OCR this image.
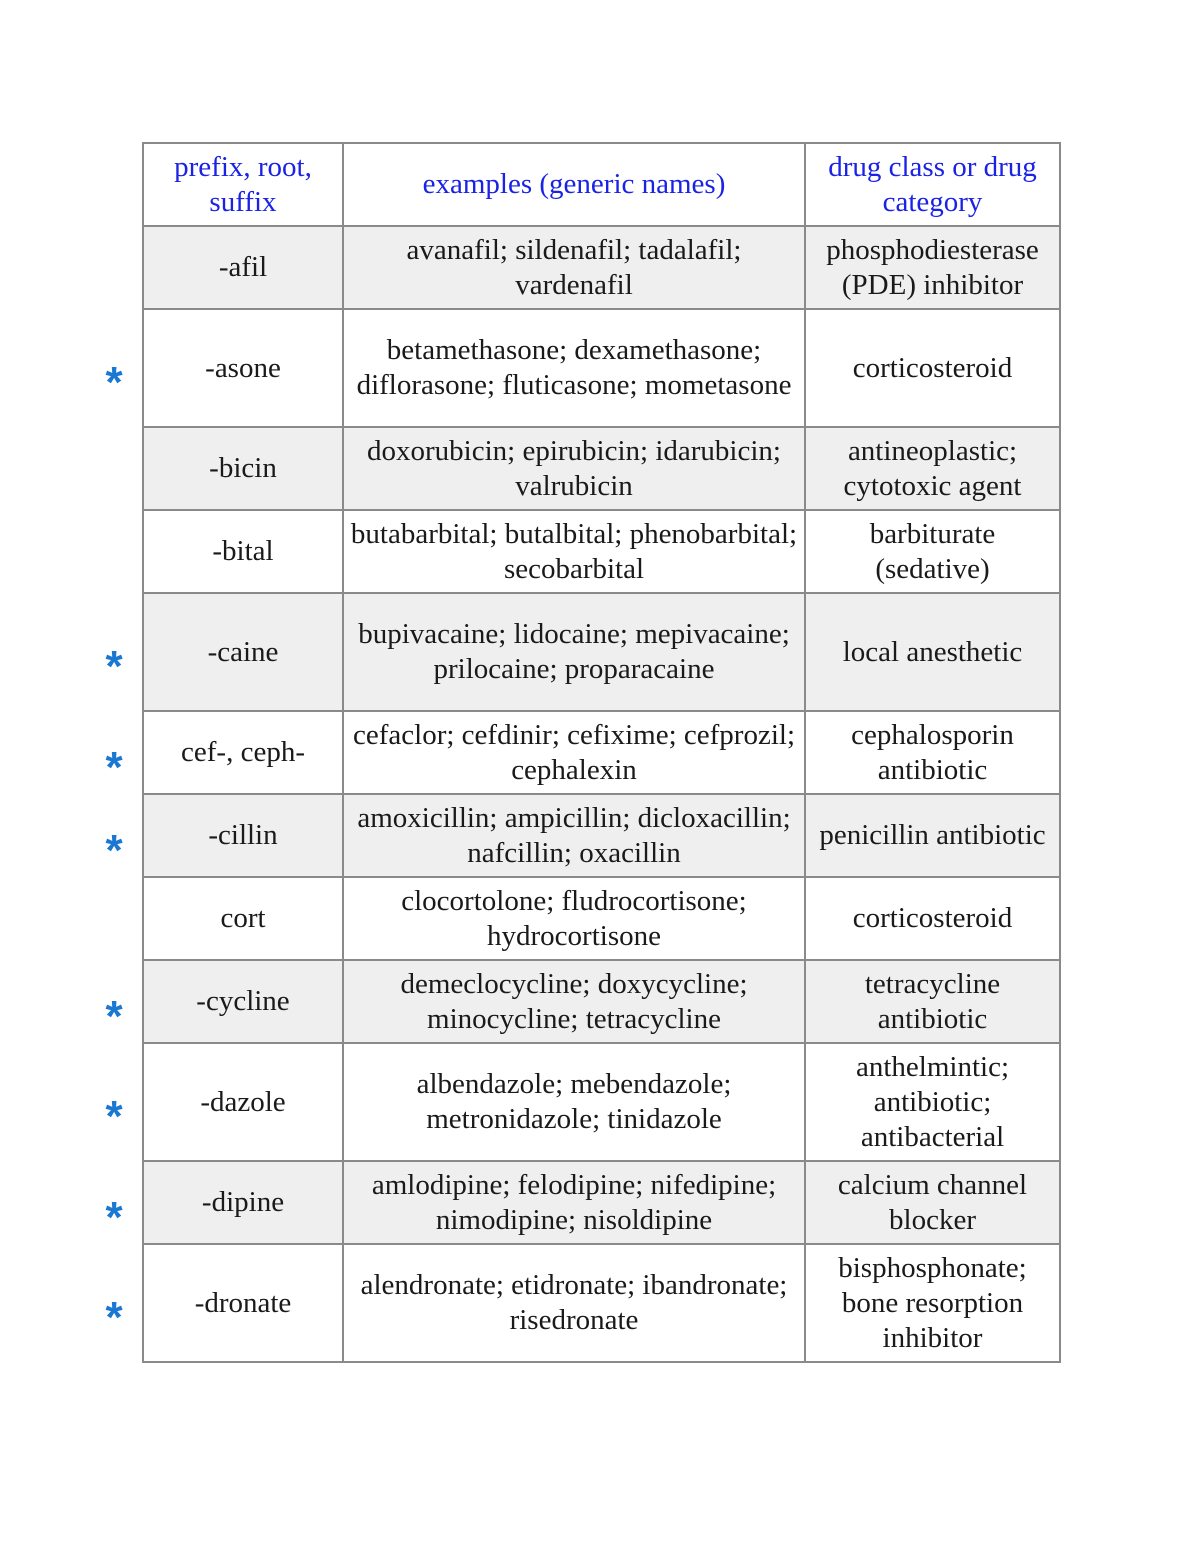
*
*
*
*
*
*
*
*
prefix, root, suffix	examples (generic names)	drug class or drug category

-afil	avanafil; sildenafil; tadalafil; vardenafil	phosphodiesterase (PDE) inhibitor

-asone	betamethasone; dexamethasone; diflorasone; fluticasone; mometasone	corticosteroid

-bicin	doxorubicin; epirubicin; idarubicin; valrubicin	antineoplastic; cytotoxic agent

-bital	butabarbital; butalbital; phenobarbital; secobarbital	barbiturate (sedative)

-caine	bupivacaine; lidocaine; mepivacaine; prilocaine; proparacaine	local anesthetic

cef-, ceph-	cefaclor; cefdinir; cefixime; cefprozil; cephalexin	cephalosporin antibiotic

-cillin	amoxicillin; ampicillin; dicloxacillin; nafcillin; oxacillin	penicillin antibiotic

cort	clocortolone; fludrocortisone; hydrocortisone	corticosteroid

-cycline	demeclocycline; doxycycline; minocycline; tetracycline	tetracycline antibiotic

-dazole	albendazole; mebendazole; metronidazole; tinidazole	anthelmintic; antibiotic; antibacterial

-dipine	amlodipine; felodipine; nifedipine; nimodipine; nisoldipine	calcium channel blocker

-dronate	alendronate; etidronate; ibandronate; risedronate	bisphosphonate; bone resorption inhibitor
